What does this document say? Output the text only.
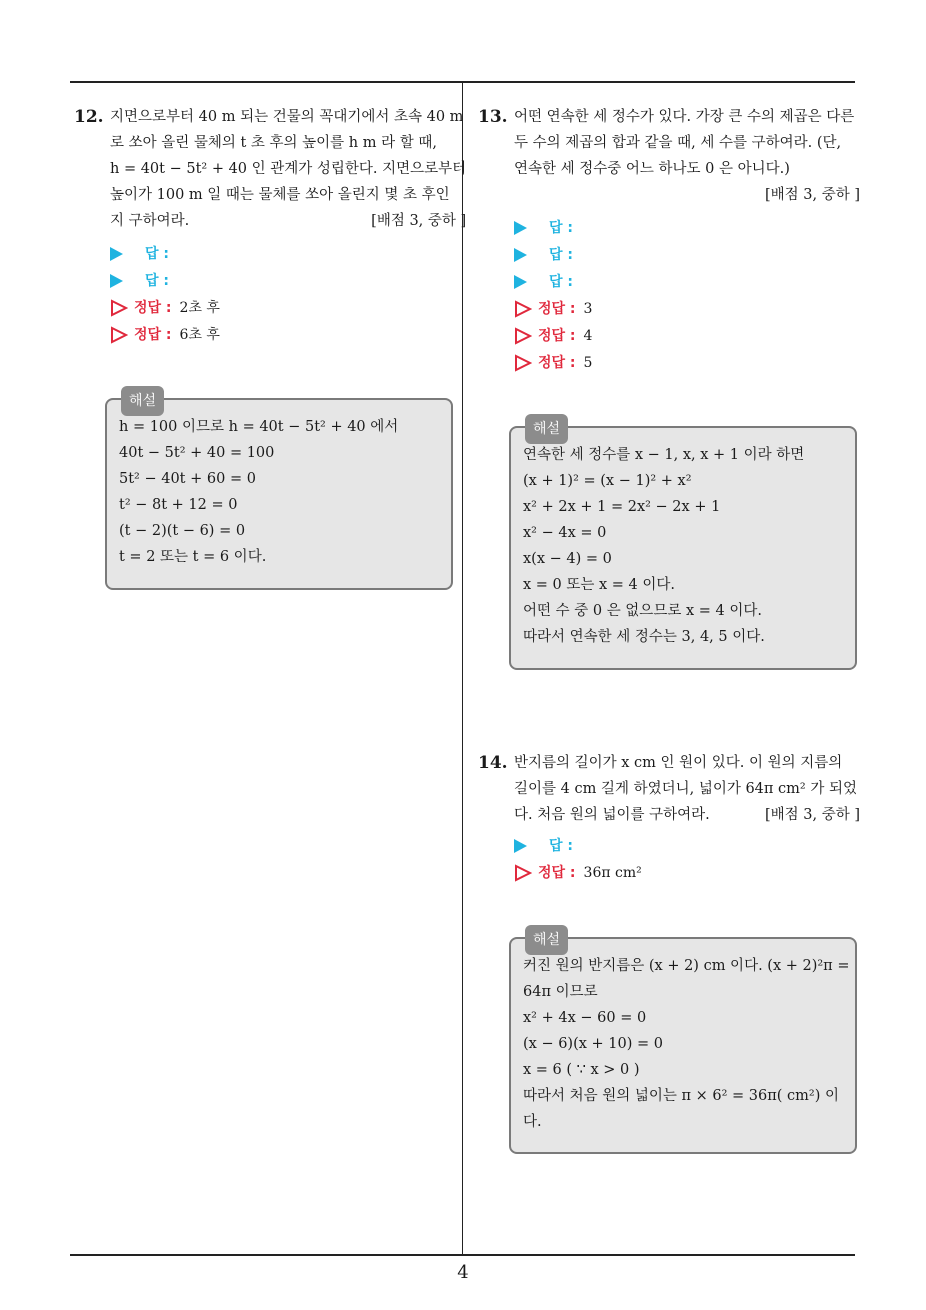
12. 지면으로부터 40 m 되는 건물의 꼭대기에서 초속 40 m
로 쏘아 올린 물체의 t 초 후의 높이를 h m 라 할 때,
h = 40t − 5t² + 40 인 관계가 성립한다. 지면으로부터
높이가 100 m 일 때는 물체를 쏘아 올린지 몇 초 후인
지 구하여라.	[배점 3, 중하 ]
답 :
답 :
정답 : 2초 후
정답 : 6초 후
해설
h = 100 이므로 h = 40t − 5t² + 40 에서
40t − 5t² + 40 = 100
5t² − 40t + 60 = 0
t² − 8t + 12 = 0
(t − 2)(t − 6) = 0
t = 2 또는 t = 6 이다.
13. 어떤 연속한 세 정수가 있다. 가장 큰 수의 제곱은 다른
두 수의 제곱의 합과 같을 때, 세 수를 구하여라. (단,
연속한 세 정수중 어느 하나도 0 은 아니다.)
[배점 3, 중하 ]
답 :
답 :
답 :
정답 : 3
정답 : 4
정답 : 5
해설
연속한 세 정수를 x − 1, x, x + 1 이라 하면
(x + 1)² = (x − 1)² + x²
x² + 2x + 1 = 2x² − 2x + 1
x² − 4x = 0
x(x − 4) = 0
x = 0 또는 x = 4 이다.
어떤 수 중 0 은 없으므로 x = 4 이다.
따라서 연속한 세 정수는 3, 4, 5 이다.
14. 반지름의 길이가 x cm 인 원이 있다. 이 원의 지름의
길이를 4 cm 길게 하였더니, 넓이가 64π cm² 가 되었
다. 처음 원의 넓이를 구하여라.	[배점 3, 중하 ]
답 :
정답 : 36π cm²
해설
커진 원의 반지름은 (x + 2) cm 이다. (x + 2)²π =
64π 이므로
x² + 4x − 60 = 0
(x − 6)(x + 10) = 0
x = 6 ( ∵ x > 0 )
따라서 처음 원의 넓이는 π × 6² = 36π( cm²) 이
다.
4
